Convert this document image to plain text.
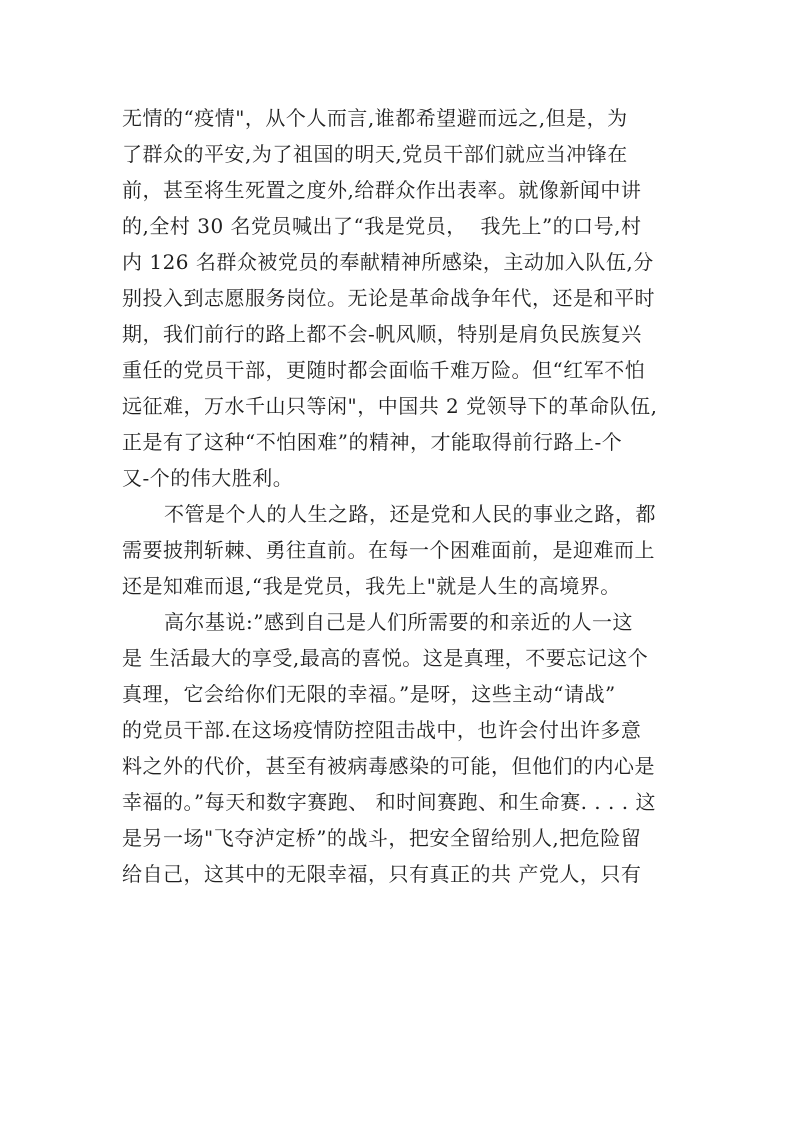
无情的“疫情"，从个人而言,谁都希望避而远之,但是，为
了群众的平安,为了祖国的明天,党员干部们就应当冲锋在
前，甚至将生死置之度外,给群众作出表率。就像新闻中讲
的,全村 30 名党员喊出了“我是党员，  我先上”的口号,村
内 126 名群众被党员的奉献精神所感染，主动加入队伍,分
别投入到志愿服务岗位。无论是革命战争年代，还是和平时
期，我们前行的路上都不会-帆风顺，特别是肩负民族复兴
重任的党员干部，更随时都会面临千难万险。但“红军不怕
远征难，万水千山只等闲"，中国共 2 党领导下的革命队伍,
正是有了这种“不怕困难”的精神，才能取得前行路上-个
又-个的伟大胜利。
不管是个人的人生之路，还是党和人民的事业之路，都
需要披荆斩棘、勇往直前。在每一个困难面前，是迎难而上
还是知难而退,“我是党员，我先上"就是人生的高境界。
高尔基说:”感到自己是人们所需要的和亲近的人一这
是 生活最大的享受,最高的喜悦。这是真理，不要忘记这个
真理，它会给你们无限的幸福。”是呀，这些主动“请战”
的党员干部.在这场疫情防控阻击战中，也许会付出许多意
料之外的代价，甚至有被病毒感染的可能，但他们的内心是
幸福的。”每天和数字赛跑、 和时间赛跑、和生命赛. . . . 这
是另一场"飞夺泸定桥”的战斗，把安全留给别人,把危险留
给自己，这其中的无限幸福，只有真正的共 产党人，只有
